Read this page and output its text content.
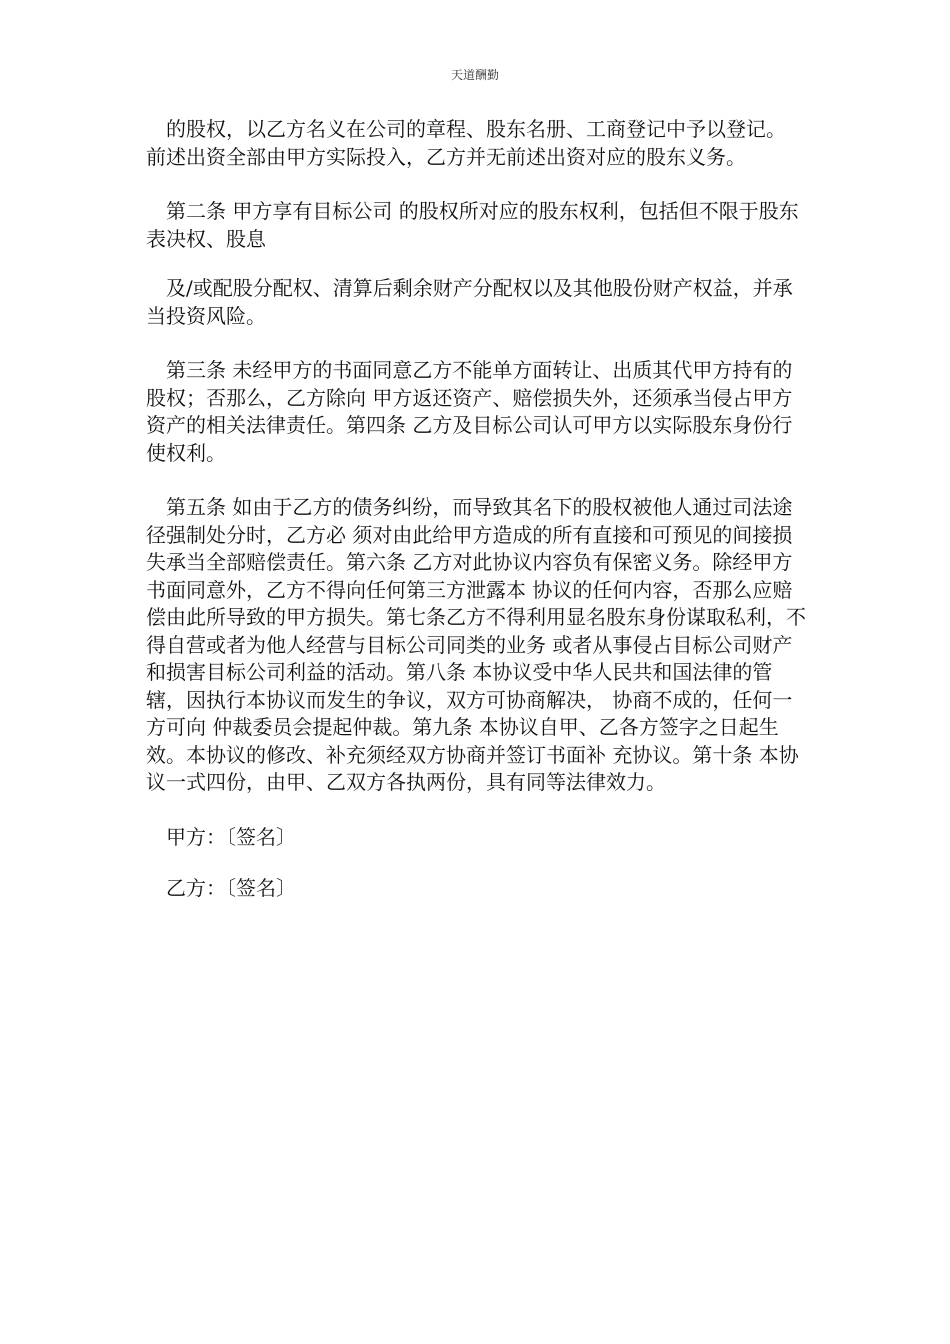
天道酬勤

的股权，以乙方名义在公司的章程、股东名册、工商登记中予以登记。 前述出资全部由甲方实际投入，乙方并无前述出资对应的股东义务。

第二条 甲方享有目标公司 的股权所对应的股东权利，包括但不限于股东表决权、股息

及/或配股分配权、清算后剩余财产分配权以及其他股份财产权益，并承当投资风险。

第三条 未经甲方的书面同意乙方不能单方面转让、出质其代甲方持有的股权；否那么，乙方除向 甲方返还资产、赔偿损失外，还须承当侵占甲方资产的相关法律责任。第四条 乙方及目标公司认可甲方以实际股东身份行使权利。

第五条 如由于乙方的债务纠纷，而导致其名下的股权被他人通过司法途径强制处分时，乙方必 须对由此给甲方造成的所有直接和可预见的间接损失承当全部赔偿责任。第六条 乙方对此协议内容负有保密义务。除经甲方书面同意外，乙方不得向任何第三方泄露本 协议的任何内容，否那么应赔偿由此所导致的甲方损失。第七条乙方不得利用显名股东身份谋取私利，不得自营或者为他人经营与目标公司同类的业务 或者从事侵占目标公司财产和损害目标公司利益的活动。第八条 本协议受中华人民共和国法律的管辖，因执行本协议而发生的争议，双方可协商解决， 协商不成的，任何一方可向 仲裁委员会提起仲裁。第九条 本协议自甲、乙各方签字之日起生效。本协议的修改、补充须经双方协商并签订书面补 充协议。第十条 本协议一式四份，由甲、乙双方各执两份，具有同等法律效力。

甲方：〔签名〕

乙方：〔签名〕
